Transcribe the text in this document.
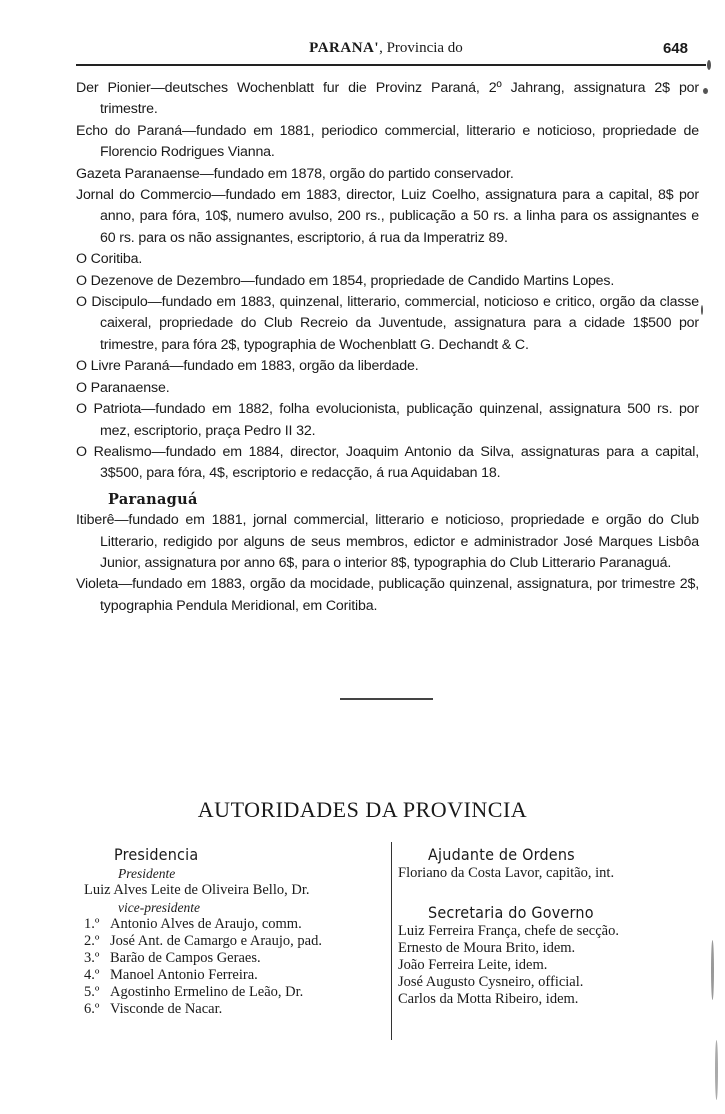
PARANA', Provincia do	648

Der Pionier—deutsches Wochenblatt fur die Provinz Paraná, 2º Jahrang, assignatura 2$ por trimestre.

Echo do Paraná—fundado em 1881, periodico commercial, litterario e noticioso, propriedade de Florencio Rodrigues Vianna.

Gazeta Paranaense—fundado em 1878, orgão do partido conservador.

Jornal do Commercio—fundado em 1883, director, Luiz Coelho, assignatura para a capital, 8$ por anno, para fóra, 10$, numero avulso, 200 rs., publicação a 50 rs. a linha para os assignantes e 60 rs. para os não assignantes, escriptorio, á rua da Imperatriz 89.

O Coritiba.

O Dezenove de Dezembro—fundado em 1854, propriedade de Candido Martins Lopes.

O Discipulo—fundado em 1883, quinzenal, litterario, commercial, noticioso e critico, orgão da classe caixeral, propriedade do Club Recreio da Juventude, assignatura para a cidade 1$500 por trimestre, para fóra 2$, typographia de Wochenblatt G. Dechandt & C.

O Livre Paraná—fundado em 1883, orgão da liberdade.

O Paranaense.

O Patriota—fundado em 1882, folha evolucionista, publicação quinzenal, assignatura 500 rs. por mez, escriptorio, praça Pedro II 32.

O Realismo—fundado em 1884, director, Joaquim Antonio da Silva, assignaturas para a capital, 3$500, para fóra, 4$, escriptorio e redacção, á rua Aquidaban 18.

Paranaguá

Itiberê—fundado em 1881, jornal commercial, litterario e noticioso, propriedade e orgão do Club Litterario, redigido por alguns de seus membros, edictor e administrador José Marques Lisbôa Junior, assignatura por anno 6$, para o interior 8$, typographia do Club Litterario Paranaguá.

Violeta—fundado em 1883, orgão da mocidade, publicação quinzenal, assignatura, por trimestre 2$, typographia Pendula Meridional, em Coritiba.

AUTORIDADES DA PROVINCIA
Presidencia
Presidente
Luiz Alves Leite de Oliveira Bello, Dr.
vice-presidente
1.º Antonio Alves de Araujo, comm.
2.º José Ant. de Camargo e Araujo, pad.
3.º Barão de Campos Geraes.
4.º Manoel Antonio Ferreira.
5.º Agostinho Ermelino de Leão, Dr.
6.º Visconde de Nacar.
Ajudante de Ordens
Floriano da Costa Lavor, capitão, int.
Secretaria do Governo
Luiz Ferreira França, chefe de secção.
Ernesto de Moura Brito, idem.
João Ferreira Leite, idem.
José Augusto Cysneiro, official.
Carlos da Motta Ribeiro, idem.
